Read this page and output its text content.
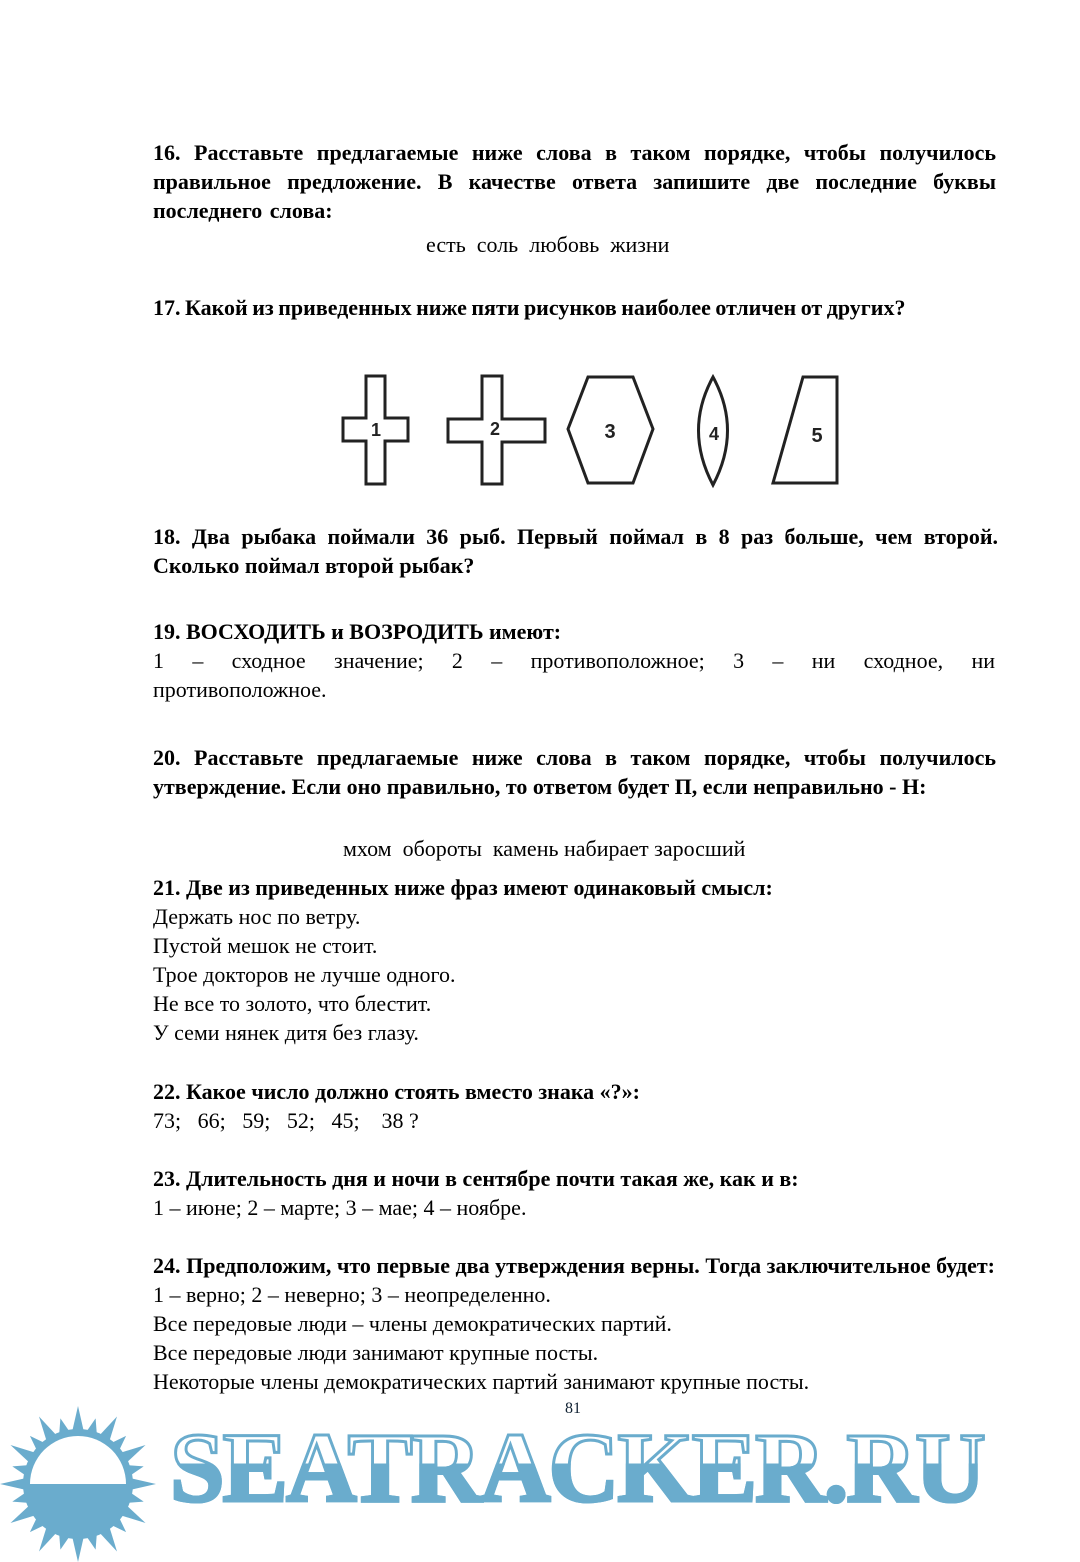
16. Расставьте предлагаемые ниже слова в таком порядке, чтобы получилось правильное предложение. В качестве ответа запишите две последние буквы последнего слова:
есть  соль  любовь  жизни
17. Какой из приведенных ниже пяти рисунков наиболее отличен от других?
1	2	3	4	5
18. Два рыбака поймали 36 рыб. Первый поймал в 8 раз больше, чем второй. Сколько поймал второй рыбак?
19. ВОСХОДИТЬ и ВОЗРОДИТЬ имеют:
1 – сходное значение; 2 – противоположное; 3 – ни сходное, ни противоположное.
20. Расставьте предлагаемые ниже слова в таком порядке, чтобы получилось утверждение. Если оно правильно, то ответом будет П, если неправильно - Н:
мхом  обороты  камень набирает заросший
21. Две из приведенных ниже фраз имеют одинаковый смысл:
Держать нос по ветру.
Пустой мешок не стоит.
Трое докторов не лучше одного.
Не все то золото, что блестит.
У семи нянек дитя без глазу.
22. Какое число должно стоять вместо знака «?»:
73;   66;   59;   52;   45;    38 ?
23. Длительность дня и ночи в сентябре почти такая же, как и в:
1 – июне; 2 – марте; 3 – мае; 4 – ноябре.
24. Предположим, что первые два утверждения верны. Тогда заключительное будет: 1 – верно; 2 – неверно; 3 – неопределенно.
Все передовые люди – члены демократических партий.
Все передовые люди занимают крупные посты.
Некоторые члены демократических партий занимают крупные посты.
81
SEATRACKER.RU
